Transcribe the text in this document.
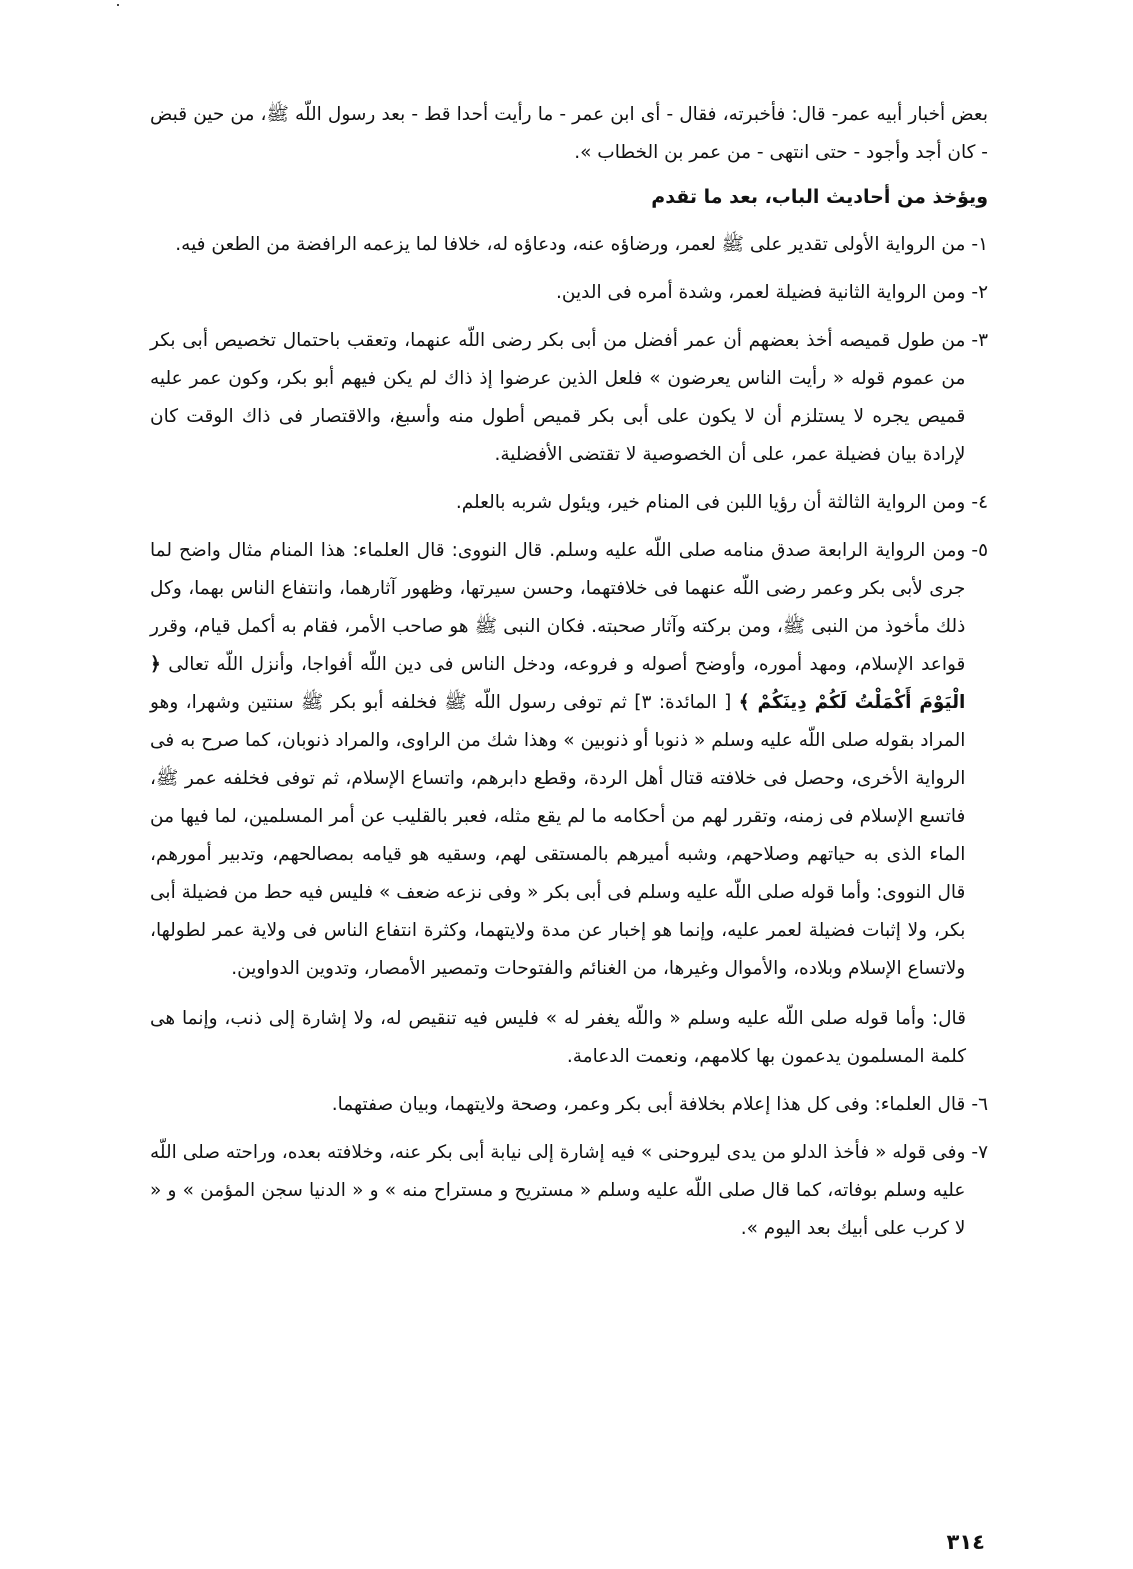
بعض أخبار أبيه عمر- قال: فأخبرته، فقال - أى ابن عمر - ما رأيت أحدا قط - بعد رسول اللّه ﷺ، من حين قبض - كان أجد وأجود - حتى انتهى - من عمر بن الخطاب ».

ويؤخذ من أحاديث الباب، بعد ما تقدم
١-
من الرواية الأولى تقدير على ﷺ لعمر، ورضاؤه عنه، ودعاؤه له، خلافا لما يزعمه الرافضة من الطعن فيه.
٢-
ومن الرواية الثانية فضيلة لعمر، وشدة أمره فى الدين.
٣-
من طول قميصه أخذ بعضهم أن عمر أفضل من أبى بكر رضى اللّه عنهما، وتعقب باحتمال تخصيص أبى بكر من عموم قوله « رأيت الناس يعرضون » فلعل الذين عرضوا إذ ذاك لم يكن فيهم أبو بكر، وكون عمر عليه قميص يجره لا يستلزم أن لا يكون على أبى بكر قميص أطول منه وأسبغ، والاقتصار فى ذاك الوقت كان لإرادة بيان فضيلة عمر، على أن الخصوصية لا تقتضى الأفضلية.
٤-
ومن الرواية الثالثة أن رؤيا اللبن فى المنام خير، ويئول شربه بالعلم.
٥-
ومن الرواية الرابعة صدق منامه صلى اللّه عليه وسلم. قال النووى: قال العلماء: هذا المنام مثال واضح لما جرى لأبى بكر وعمر رضى اللّه عنهما فى خلافتهما، وحسن سيرتها، وظهور آثارهما، وانتفاع الناس بهما، وكل ذلك مأخوذ من النبى ﷺ، ومن بركته وآثار صحبته. فكان النبى ﷺ هو صاحب الأمر، فقام به أكمل قيام، وقرر قواعد الإسلام، ومهد أموره، وأوضح أصوله و فروعه، ودخل الناس فى دين اللّه أفواجا، وأنزل اللّه تعالى ﴿ الْيَوْمَ أَكْمَلْتُ لَكُمْ دِينَكُمْ ﴾ [ المائدة: ٣] ثم توفى رسول اللّه ﷺ فخلفه أبو بكر ﷺ سنتين وشهرا، وهو المراد بقوله صلى اللّه عليه وسلم « ذنوبا أو ذنوبين » وهذا شك من الراوى، والمراد ذنوبان، كما صرح به فى الرواية الأخرى، وحصل فى خلافته قتال أهل الردة، وقطع دابرهم، واتساع الإسلام، ثم توفى فخلفه عمر ﷺ، فاتسع الإسلام فى زمنه، وتقرر لهم من أحكامه ما لم يقع مثله، فعبر بالقليب عن أمر المسلمين، لما فيها من الماء الذى به حياتهم وصلاحهم، وشبه أميرهم بالمستقى لهم، وسقيه هو قيامه بمصالحهم، وتدبير أمورهم، قال النووى: وأما قوله صلى اللّه عليه وسلم فى أبى بكر « وفى نزعه ضعف » فليس فيه حط من فضيلة أبى بكر، ولا إثبات فضيلة لعمر عليه، وإنما هو إخبار عن مدة ولايتهما، وكثرة انتفاع الناس فى ولاية عمر لطولها، ولاتساع الإسلام وبلاده، والأموال وغيرها، من الغنائم والفتوحات وتمصير الأمصار، وتدوين الدواوين.

قال: وأما قوله صلى اللّه عليه وسلم « واللّه يغفر له » فليس فيه تنقيص له، ولا إشارة إلى ذنب، وإنما هى كلمة المسلمون يدعمون بها كلامهم، ونعمت الدعامة.

٦-
قال العلماء: وفى كل هذا إعلام بخلافة أبى بكر وعمر، وصحة ولايتهما، وبيان صفتهما.
٧-
وفى قوله « فأخذ الدلو من يدى ليروحنى » فيه إشارة إلى نيابة أبى بكر عنه، وخلافته بعده، وراحته صلى اللّه عليه وسلم بوفاته، كما قال صلى اللّه عليه وسلم « مستريح و مستراح منه » و « الدنيا سجن المؤمن » و « لا كرب على أبيك بعد اليوم ».
٣١٤
